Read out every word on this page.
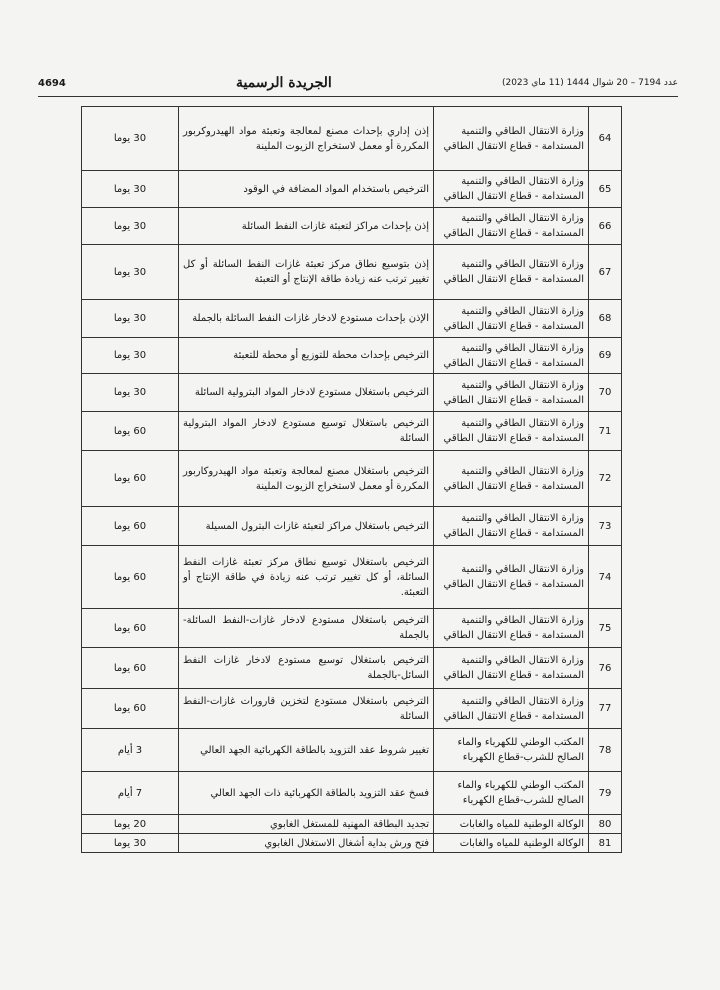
4694	الجريدة الرسمية	عدد 7194 – 20 شوال 1444 (11 ماي 2023)
64	وزارة الانتقال الطاقي والتنمية المستدامة - قطاع الانتقال الطاقي	إذن إداري بإحداث مصنع لمعالجة وتعبئة مواد الهيدروكربور المكررة أو معمل لاستخراج الزيوت الملينة	30 يوما
65	وزارة الانتقال الطاقي والتنمية المستدامة - قطاع الانتقال الطاقي	الترخيص باستخدام المواد المضافة في الوقود	30 يوما
66	وزارة الانتقال الطاقي والتنمية المستدامة - قطاع الانتقال الطاقي	إذن بإحداث مراكز لتعبئة غازات النفط السائلة	30 يوما
67	وزارة الانتقال الطاقي والتنمية المستدامة - قطاع الانتقال الطاقي	إذن بتوسيع نطاق مركز تعبئة غازات النفط السائلة أو كل تغيير ترتب عنه زيادة طاقة الإنتاج أو التعبئة	30 يوما
68	وزارة الانتقال الطاقي والتنمية المستدامة - قطاع الانتقال الطاقي	الإذن بإحداث مستودع لادخار غازات النفط السائلة بالجملة	30 يوما
69	وزارة الانتقال الطاقي والتنمية المستدامة - قطاع الانتقال الطاقي	الترخيص بإحداث محطة للتوزيع أو محطة للتعبئة	30 يوما
70	وزارة الانتقال الطاقي والتنمية المستدامة - قطاع الانتقال الطاقي	الترخيص باستغلال مستودع لادخار المواد البترولية السائلة	30 يوما
71	وزارة الانتقال الطاقي والتنمية المستدامة - قطاع الانتقال الطاقي	الترخيص باستغلال توسيع مستودع لادخار المواد البترولية السائلة	60 يوما
72	وزارة الانتقال الطاقي والتنمية المستدامة - قطاع الانتقال الطاقي	الترخيص باستغلال مصنع لمعالجة وتعبئة مواد الهيدروكاربور المكررة أو معمل لاستخراج الزيوت الملينة	60 يوما
73	وزارة الانتقال الطاقي والتنمية المستدامة - قطاع الانتقال الطاقي	الترخيص باستغلال مراكز لتعبئة غازات البترول المسيلة	60 يوما
74	وزارة الانتقال الطاقي والتنمية المستدامة - قطاع الانتقال الطاقي	الترخيص باستغلال توسيع نطاق مركز تعبئة غازات النفط السائلة، أو كل تغيير ترتب عنه زيادة في طاقة الإنتاج أو التعبئة.	60 يوما
75	وزارة الانتقال الطاقي والتنمية المستدامة - قطاع الانتقال الطاقي	الترخيص باستغلال مستودع لادخار غازات-النفط السائلة-بالجملة	60 يوما
76	وزارة الانتقال الطاقي والتنمية المستدامة - قطاع الانتقال الطاقي	الترخيص باستغلال توسيع مستودع لادخار غازات النفط السائل-بالجملة	60 يوما
77	وزارة الانتقال الطاقي والتنمية المستدامة - قطاع الانتقال الطاقي	الترخيص باستغلال مستودع لتخزين قارورات غازات-النفط السائلة	60 يوما
78	المكتب الوطني للكهرباء والماء الصالح للشرب-قطاع الكهرباء	تغيير شروط عقد التزويد بالطاقة الكهربائية الجهد العالي	3 أيام
79	المكتب الوطني للكهرباء والماء الصالح للشرب-قطاع الكهرباء	فسخ عقد التزويد بالطاقة الكهربائية ذات الجهد العالي	7 أيام
80	الوكالة الوطنية للمياه والغابات	تجديد البطاقة المهنية للمستغل الغابوي	20 يوما
81	الوكالة الوطنية للمياه والغابات	فتح ورش بداية أشغال الاستغلال الغابوي	30 يوما
